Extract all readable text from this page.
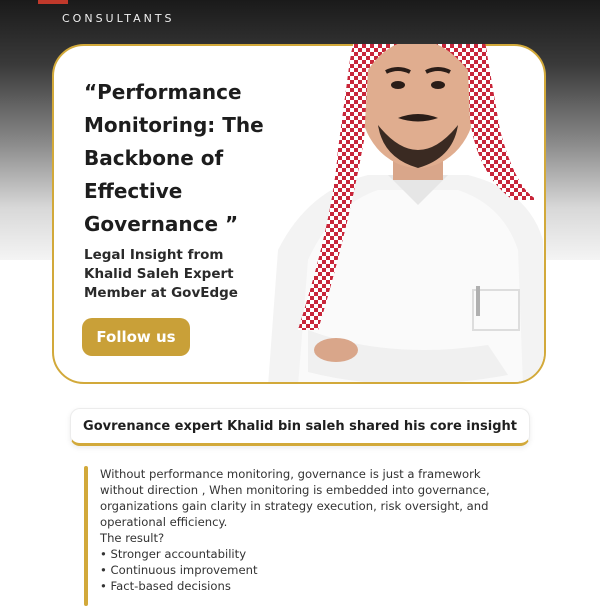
CONSULTANTS
“Performance Monitoring: The Backbone of Effective Governance ”
Legal Insight from Khalid Saleh Expert Member at GovEdge
Follow us
Govrenance expert Khalid bin saleh shared his core insight

Without performance monitoring, governance is just a framework without direction , When monitoring is embedded into governance, organizations gain clarity in strategy execution, risk oversight, and operational efficiency.

The result?

• Stronger accountability
• Continuous improvement
• Fact-based decisions
